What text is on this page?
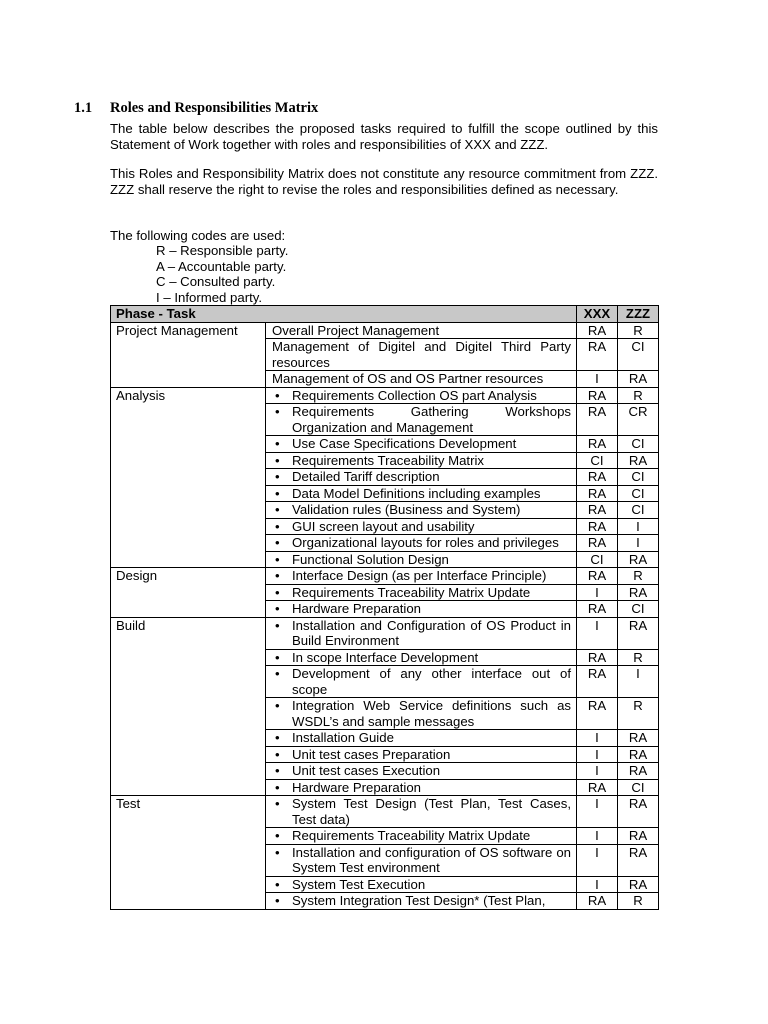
1.1 Roles and Responsibilities Matrix
The table below describes the proposed tasks required to fulfill the scope outlined by this Statement of Work together with roles and responsibilities of XXX and ZZZ.
This Roles and Responsibility Matrix does not constitute any resource commitment from ZZZ. ZZZ shall reserve the right to revise the roles and responsibilities defined as necessary.
The following codes are used:
R – Responsible party.
A – Accountable party.
C – Consulted party.
I – Informed party.
Phase - Task		XXX	ZZZ
Project Management	Overall Project Management	RA	R
	Management of Digitel and Digitel Third Party resources	RA	CI
	Management of OS and OS Partner resources	I	RA
Analysis	• Requirements Collection OS part Analysis	RA	R
	• Requirements Gathering Workshops Organization and Management	RA	CR
	• Use Case Specifications Development	RA	CI
	• Requirements Traceability Matrix	CI	RA
	• Detailed Tariff description	RA	CI
	• Data Model Definitions including examples	RA	CI
	• Validation rules (Business and System)	RA	CI
	• GUI screen layout and usability	RA	I
	• Organizational layouts for roles and privileges	RA	I
	• Functional Solution Design	CI	RA
Design	• Interface Design (as per Interface Principle)	RA	R
	• Requirements Traceability Matrix Update	I	RA
	• Hardware Preparation	RA	CI
Build	• Installation and Configuration of OS Product in Build Environment	I	RA
	• In scope Interface Development	RA	R
	• Development of any other interface out of scope	RA	I
	• Integration Web Service definitions such as WSDL’s and sample messages	RA	R
	• Installation Guide	I	RA
	• Unit test cases Preparation	I	RA
	• Unit test cases Execution	I	RA
	• Hardware Preparation	RA	CI
Test	• System Test Design (Test Plan, Test Cases, Test data)	I	RA
	• Requirements Traceability Matrix Update	I	RA
	• Installation and configuration of OS software on System Test environment	I	RA
	• System Test Execution	I	RA
	• System Integration Test Design* (Test Plan,	RA	R
